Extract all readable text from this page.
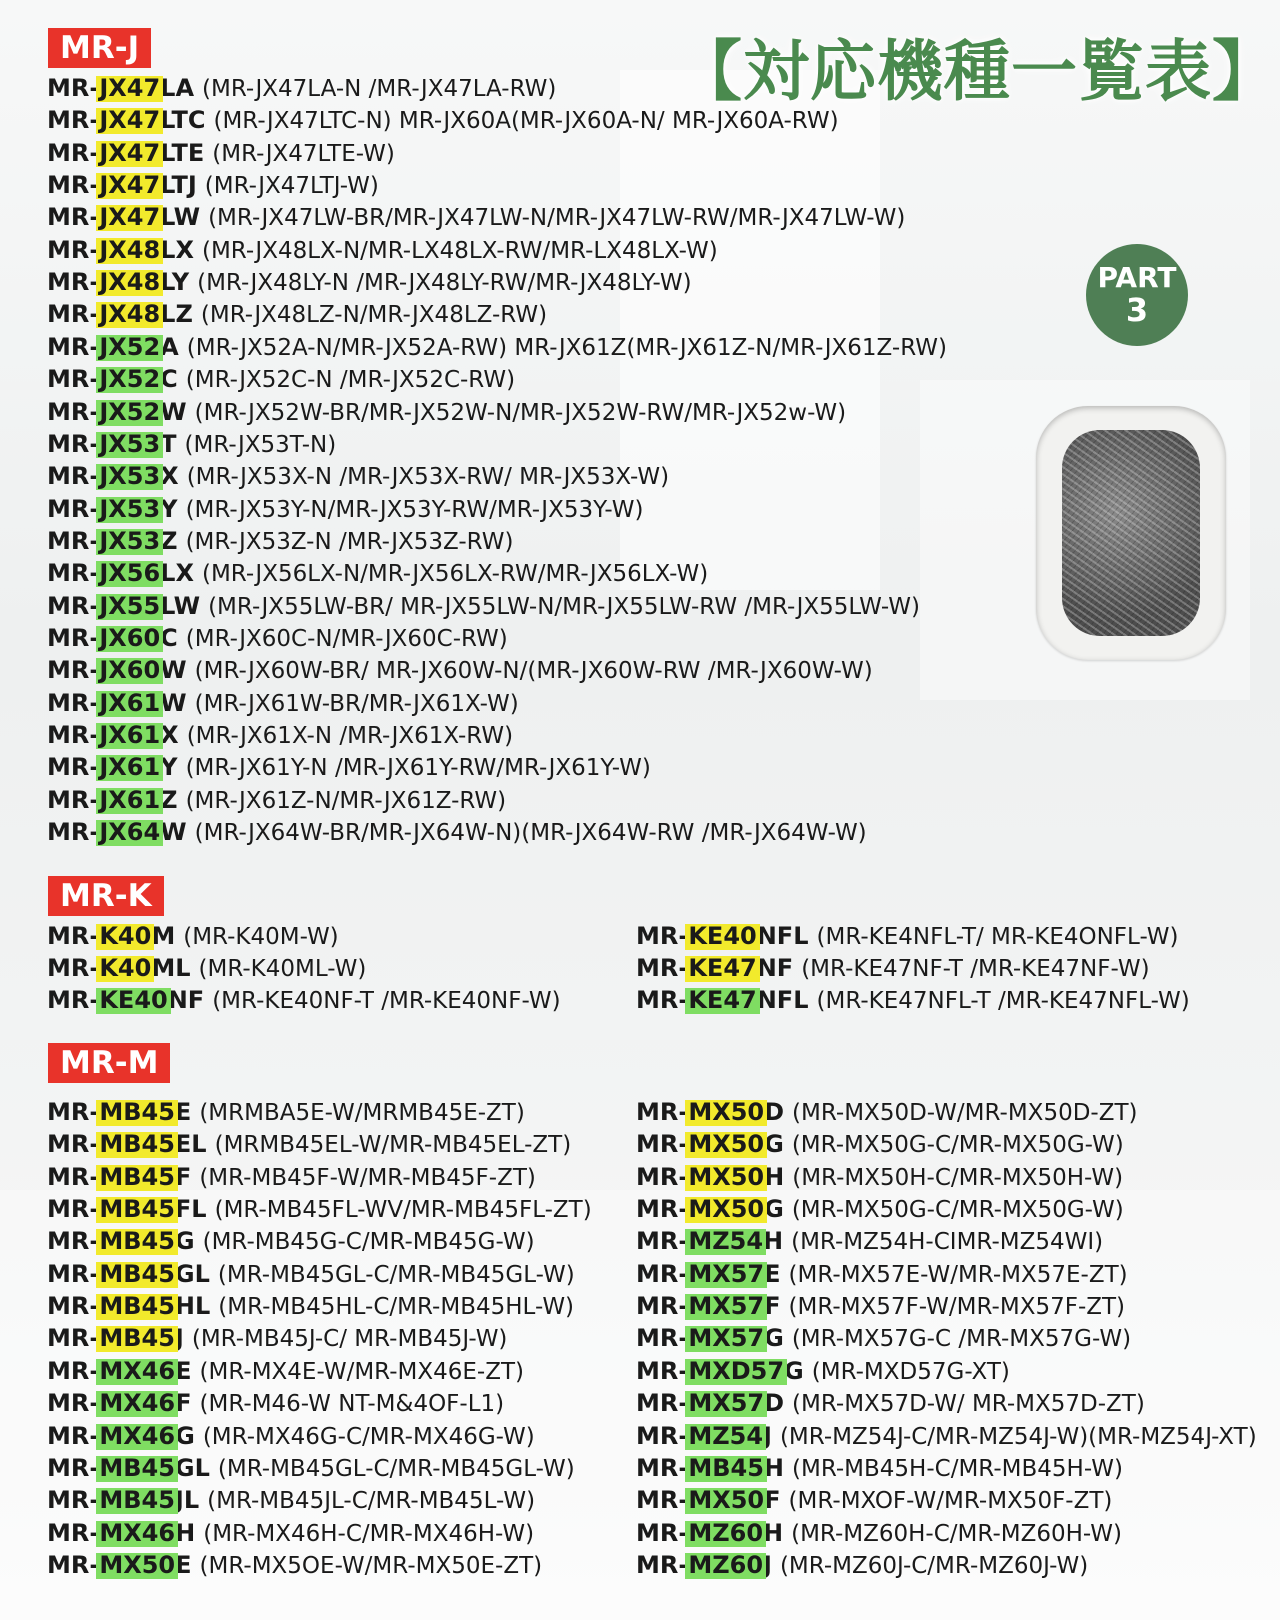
【対応機種一覧表】
PART
3
MR-J
MR-K
MR-M
MR-JX47LA (MR-JX47LA-N /MR-JX47LA-RW)
MR-JX47LTC (MR-JX47LTC-N) MR-JX60A(MR-JX60A-N/ MR-JX60A-RW)
MR-JX47LTE (MR-JX47LTE-W)
MR-JX47LTJ (MR-JX47LTJ-W)
MR-JX47LW (MR-JX47LW-BR/MR-JX47LW-N/MR-JX47LW-RW/MR-JX47LW-W)
MR-JX48LX (MR-JX48LX-N/MR-LX48LX-RW/MR-LX48LX-W)
MR-JX48LY (MR-JX48LY-N /MR-JX48LY-RW/MR-JX48LY-W)
MR-JX48LZ (MR-JX48LZ-N/MR-JX48LZ-RW)
MR-JX52A (MR-JX52A-N/MR-JX52A-RW) MR-JX61Z(MR-JX61Z-N/MR-JX61Z-RW)
MR-JX52C (MR-JX52C-N /MR-JX52C-RW)
MR-JX52W (MR-JX52W-BR/MR-JX52W-N/MR-JX52W-RW/MR-JX52w-W)
MR-JX53T (MR-JX53T-N)
MR-JX53X (MR-JX53X-N /MR-JX53X-RW/ MR-JX53X-W)
MR-JX53Y (MR-JX53Y-N/MR-JX53Y-RW/MR-JX53Y-W)
MR-JX53Z (MR-JX53Z-N /MR-JX53Z-RW)
MR-JX56LX (MR-JX56LX-N/MR-JX56LX-RW/MR-JX56LX-W)
MR-JX55LW (MR-JX55LW-BR/ MR-JX55LW-N/MR-JX55LW-RW /MR-JX55LW-W)
MR-JX60C (MR-JX60C-N/MR-JX60C-RW)
MR-JX60W (MR-JX60W-BR/ MR-JX60W-N/(MR-JX60W-RW /MR-JX60W-W)
MR-JX61W (MR-JX61W-BR/MR-JX61X-W)
MR-JX61X (MR-JX61X-N /MR-JX61X-RW)
MR-JX61Y (MR-JX61Y-N /MR-JX61Y-RW/MR-JX61Y-W)
MR-JX61Z (MR-JX61Z-N/MR-JX61Z-RW)
MR-JX64W (MR-JX64W-BR/MR-JX64W-N)(MR-JX64W-RW /MR-JX64W-W)
MR-K40M (MR-K40M-W)
MR-K40ML (MR-K40ML-W)
MR-KE40NF (MR-KE40NF-T /MR-KE40NF-W)
MR-KE40NFL (MR-KE4NFL-T/ MR-KE4ONFL-W)
MR-KE47NF (MR-KE47NF-T /MR-KE47NF-W)
MR-KE47NFL (MR-KE47NFL-T /MR-KE47NFL-W)
MR-MB45E (MRMBA5E-W/MRMB45E-ZT)
MR-MB45EL (MRMB45EL-W/MR-MB45EL-ZT)
MR-MB45F (MR-MB45F-W/MR-MB45F-ZT)
MR-MB45FL (MR-MB45FL-WV/MR-MB45FL-ZT)
MR-MB45G (MR-MB45G-C/MR-MB45G-W)
MR-MB45GL (MR-MB45GL-C/MR-MB45GL-W)
MR-MB45HL (MR-MB45HL-C/MR-MB45HL-W)
MR-MB45J (MR-MB45J-C/ MR-MB45J-W)
MR-MX46E (MR-MX4E-W/MR-MX46E-ZT)
MR-MX46F (MR-M46-W NT-M&4OF-L1)
MR-MX46G (MR-MX46G-C/MR-MX46G-W)
MR-MB45GL (MR-MB45GL-C/MR-MB45GL-W)
MR-MB45JL (MR-MB45JL-C/MR-MB45L-W)
MR-MX46H (MR-MX46H-C/MR-MX46H-W)
MR-MX50E (MR-MX5OE-W/MR-MX50E-ZT)
MR-MX50D (MR-MX50D-W/MR-MX50D-ZT)
MR-MX50G (MR-MX50G-C/MR-MX50G-W)
MR-MX50H (MR-MX50H-C/MR-MX50H-W)
MR-MX50G (MR-MX50G-C/MR-MX50G-W)
MR-MZ54H (MR-MZ54H-CIMR-MZ54WI)
MR-MX57E (MR-MX57E-W/MR-MX57E-ZT)
MR-MX57F (MR-MX57F-W/MR-MX57F-ZT)
MR-MX57G (MR-MX57G-C /MR-MX57G-W)
MR-MXD57G (MR-MXD57G-XT)
MR-MX57D (MR-MX57D-W/ MR-MX57D-ZT)
MR-MZ54J (MR-MZ54J-C/MR-MZ54J-W)(MR-MZ54J-XT)
MR-MB45H (MR-MB45H-C/MR-MB45H-W)
MR-MX50F (MR-MXOF-W/MR-MX50F-ZT)
MR-MZ60H (MR-MZ60H-C/MR-MZ60H-W)
MR-MZ60J (MR-MZ60J-C/MR-MZ60J-W)
